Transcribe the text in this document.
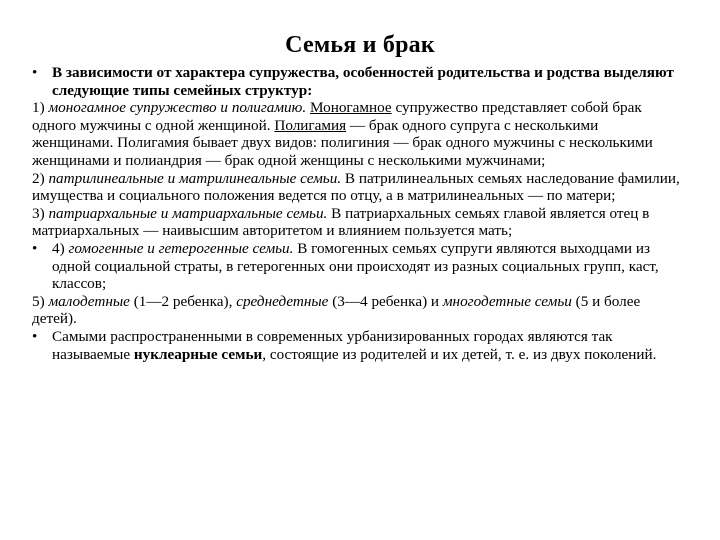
Семья и брак
• В зависимости от характера супружества, особенностей родительства и родства выделяют следующие типы семейных структур:
1) моногамное супружество и полигамию. Моногамное супружество представляет собой брак одного мужчины с одной женщиной. Полигамия — брак одного супруга с несколькими женщинами. Полигамия бывает двух видов: полигиния — брак одного мужчины с несколькими женщинами и полиандрия — брак одной женщины с несколькими мужчинами;
2) патрилинеальные и матрилинеальные семьи. В патрилинеальных семьях наследование фамилии, имущества и социального положения ведется по отцу, а в матрилинеальных — по матери;
3) патриархальные и матриархальные семьи. В патриархальных семьях главой является отец в матриархальных — наивысшим авторитетом и влиянием пользуется мать;
• 4) гомогенные и гетерогенные семьи. В гомогенных семьях супруги являются выходцами из одной социальной страты, в гетерогенных они происходят из разных социальных групп, каст, классов;
5) малодетные (1—2 ребенка), среднедетные (3—4 ребенка) и многодетные семьи (5 и более детей).
• Самыми распространенными в современных урбанизированных городах являются так называемые нуклеарные семьи, состоящие из родителей и их детей, т. е. из двух поколений.
